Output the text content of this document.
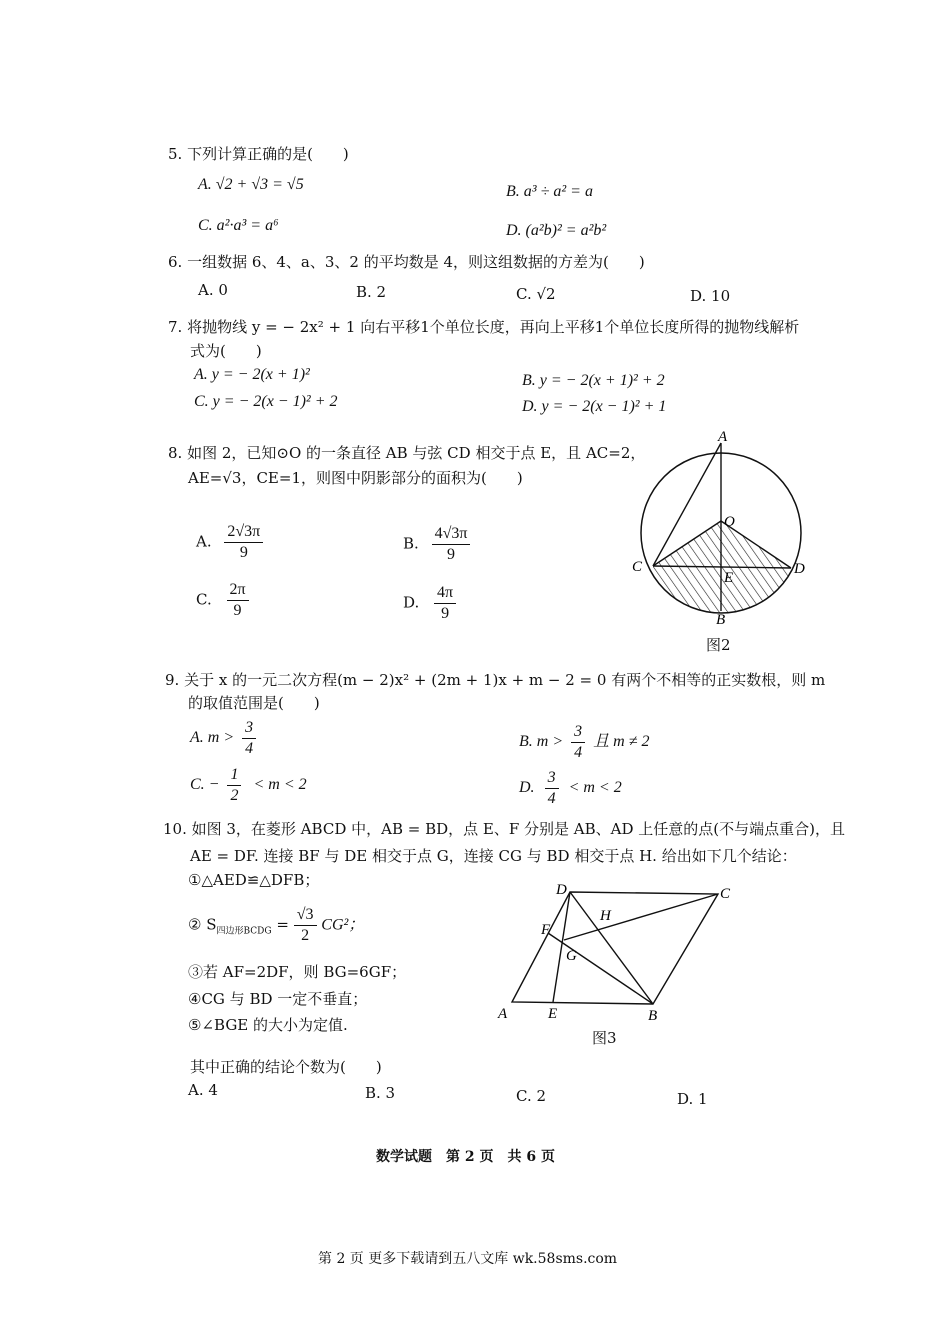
5. 下列计算正确的是(　　)
A. √2 + √3 = √5	B. a³ ÷ a² = a
C. a²·a³ = a⁶	D. (a²b)² = a²b²
6. 一组数据 6、4、a、3、2 的平均数是 4，则这组数据的方差为(　　)
A. 0	B. 2	C. √2	D. 10
7. 将抛物线 y = − 2x² + 1 向右平移1个单位长度，再向上平移1个单位长度所得的抛物线解析
式为(　　)
A. y = − 2(x + 1)²	B. y = − 2(x + 1)² + 2
C. y = − 2(x − 1)² + 2	D. y = − 2(x − 1)² + 1
8. 如图 2，已知⊙O 的一条直径 AB 与弦 CD 相交于点 E，且 AC=2，
AE=√3，CE=1，则图中阴影部分的面积为(　　)
A. $\frac{2√3\pi}{9}$	B. $\frac{4√3\pi}{9}$
C. $\frac{2\pi}{9}$	D. $\frac{4\pi}{9}$
A
O
C
E
D
B
图2
9. 关于 x 的一元二次方程(m − 2)x² + (2m + 1)x + m − 2 = 0 有两个不相等的正实数根，则 m
的取值范围是(　　)
A. $m > \frac{3}{4}$	B. $m > \frac{3}{4}$ 且 m ≠ 2
C. − $\frac{1}{2} < m < 2$	D. $\frac{3}{4} < m < 2$
10. 如图 3，在菱形 ABCD 中，AB = BD，点 E、F 分别是 AB、AD 上任意的点(不与端点重合)，且
AE = DF. 连接 BF 与 DE 相交于点 G，连接 CG 与 BD 相交于点 H. 给出如下几个结论：
①△AED≌△DFB；
② $S_{四边形BCDG} = \frac{√3}{2} CG^2$；
③若 AF=2DF，则 BG=6GF；
④CG 与 BD 一定不垂直；
⑤∠BGE 的大小为定值.
D	C
H
F
G
A	E	B
图3
其中正确的结论个数为(　　)
A. 4	B. 3	C. 2	D. 1
数学试题　第 2 页　共 6 页
第 2 页 更多下载请到五八文库 wk.58sms.com
